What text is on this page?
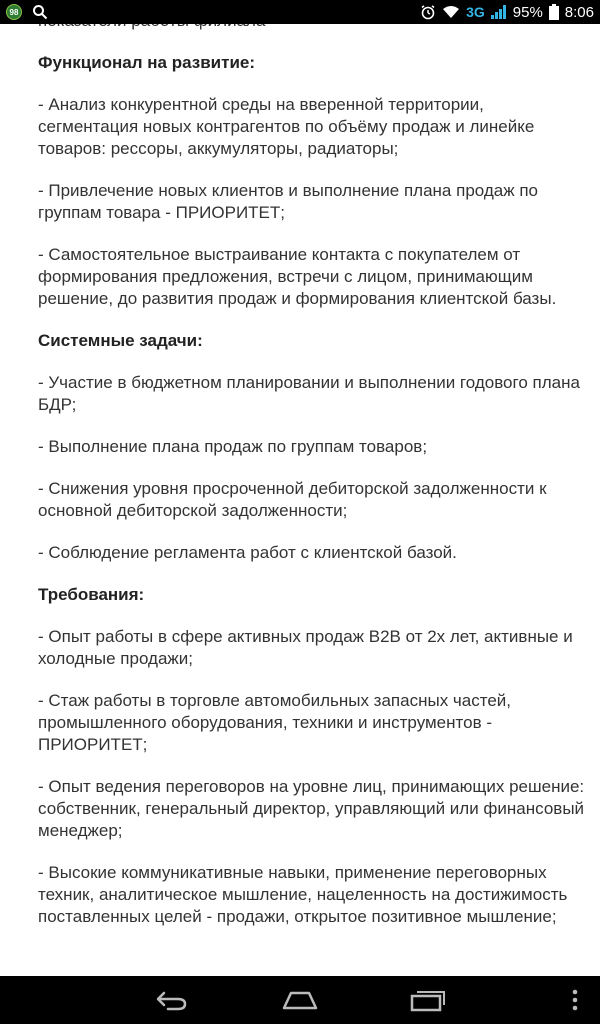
98	3G 95% 8:06

Функционал на развитие:

- Анализ конкурентной среды на вверенной территории, сегментация новых контрагентов по объёму продаж и линейке товаров: рессоры, аккумуляторы, радиаторы;

- Привлечение новых клиентов и выполнение плана продаж по группам товара - ПРИОРИТЕТ;

- Самостоятельное выстраивание контакта с покупателем от формирования предложения, встречи с лицом, принимающим решение, до развития продаж и формирования клиентской базы.

Системные задачи:

- Участие в бюджетном планировании и выполнении годового плана БДР;

- Выполнение плана продаж по группам товаров;

- Снижения уровня просроченной дебиторской задолженности к основной дебиторской задолженности;

- Соблюдение регламента работ с клиентской базой.

Требования:

- Опыт работы в сфере активных продаж B2B от 2х лет, активные и холодные продажи;

- Стаж работы в торговле автомобильных запасных частей, промышленного оборудования, техники и инструментов - ПРИОРИТЕТ;

- Опыт ведения переговоров на уровне лиц, принимающих решение: собственник, генеральный директор, управляющий или финансовый менеджер;

- Высокие коммуникативные навыки, применение переговорных техник, аналитическое мышление, нацеленность на достижимость поставленных целей - продажи, открытое позитивное мышление;
